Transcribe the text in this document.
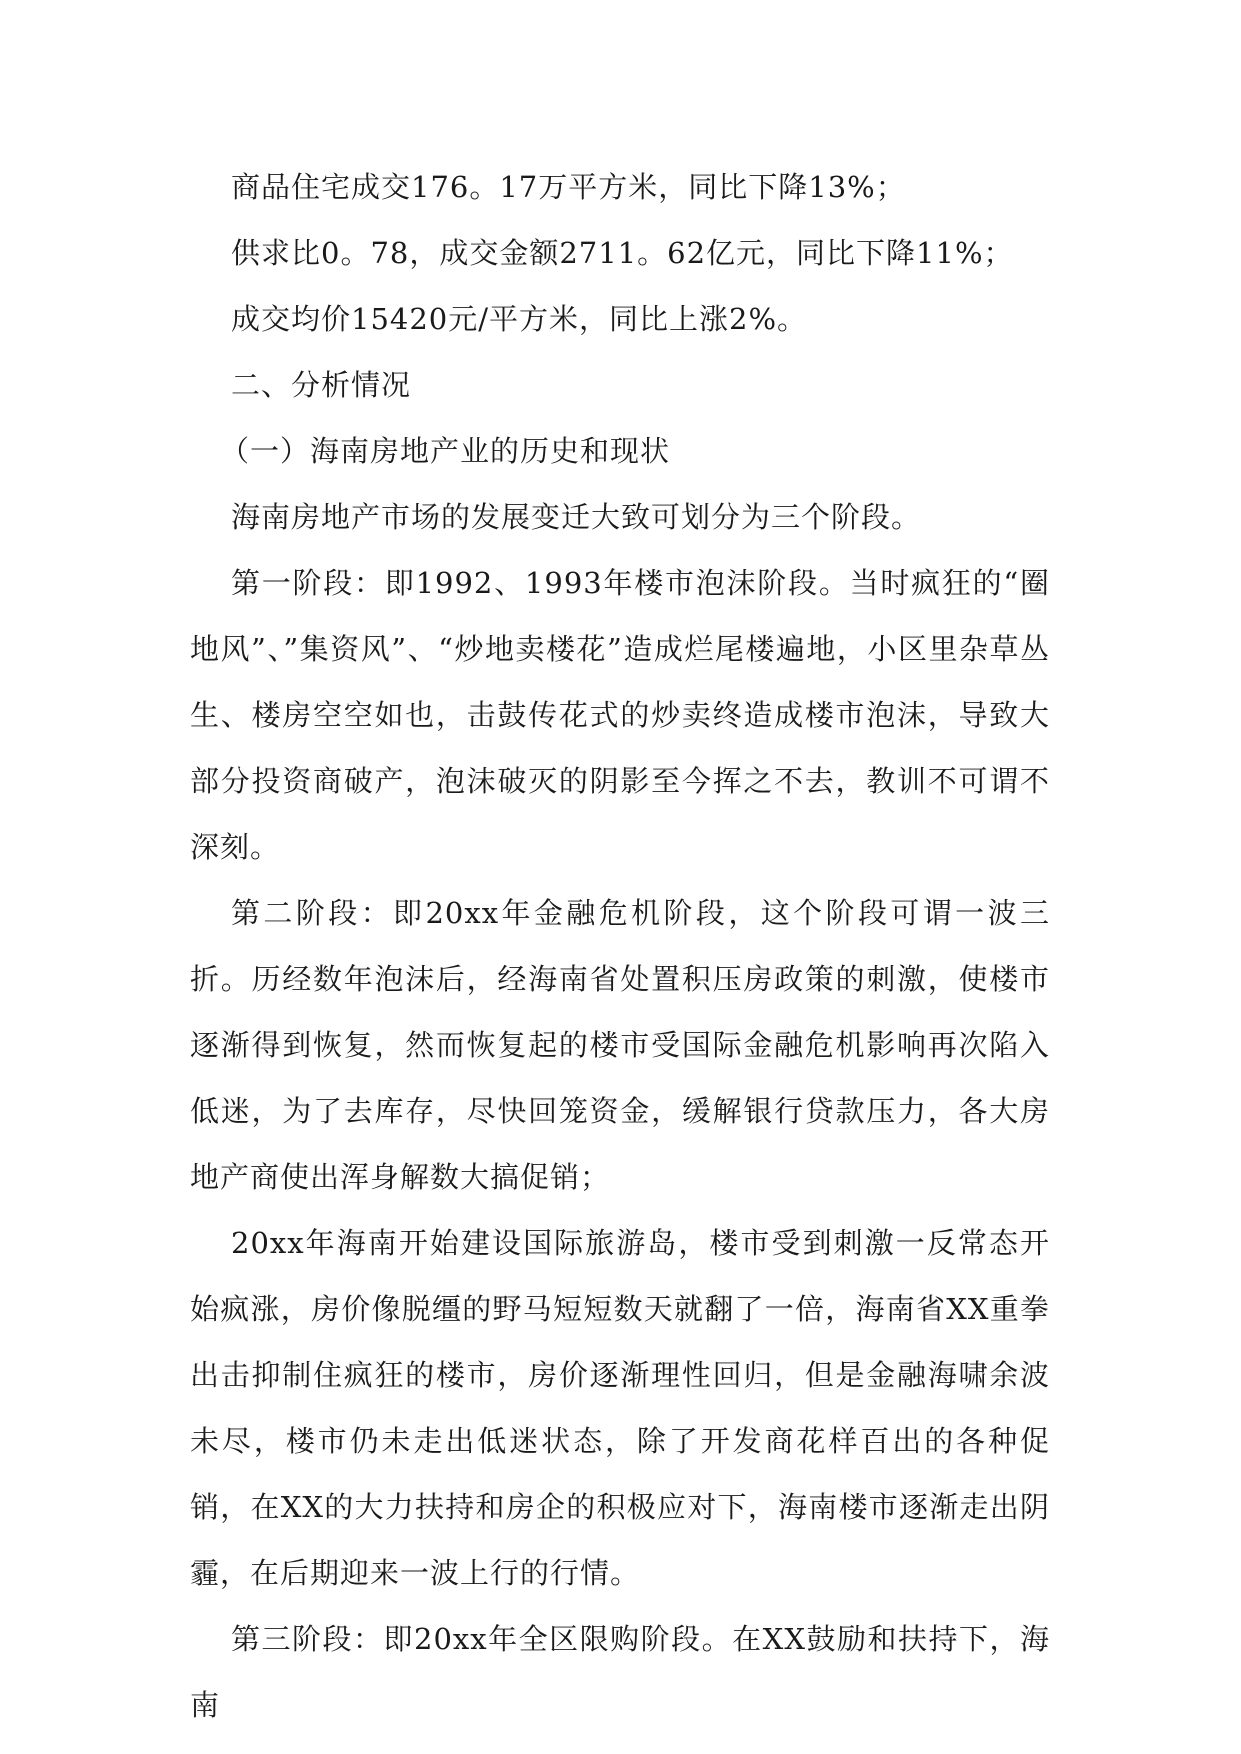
商品住宅成交176。17万平方米，同比下降13%；

供求比0。78，成交金额2711。62亿元，同比下降11%；

成交均价15420元/平方米，同比上涨2%。

二、分析情况

（一）海南房地产业的历史和现状

海南房地产市场的发展变迁大致可划分为三个阶段。

第一阶段：即1992、1993年楼市泡沫阶段。当时疯狂的“圈地风”、”集资风”、“炒地卖楼花”造成烂尾楼遍地，小区里杂草丛生、楼房空空如也，击鼓传花式的炒卖终造成楼市泡沫，导致大部分投资商破产，泡沫破灭的阴影至今挥之不去，教训不可谓不深刻。

第二阶段：即20xx年金融危机阶段，这个阶段可谓一波三折。历经数年泡沫后，经海南省处置积压房政策的刺激，使楼市逐渐得到恢复，然而恢复起的楼市受国际金融危机影响再次陷入低迷，为了去库存，尽快回笼资金，缓解银行贷款压力，各大房地产商使出浑身解数大搞促销；

20xx年海南开始建设国际旅游岛，楼市受到刺激一反常态开始疯涨，房价像脱缰的野马短短数天就翻了一倍，海南省XX重拳出击抑制住疯狂的楼市，房价逐渐理性回归，但是金融海啸余波未尽，楼市仍未走出低迷状态，除了开发商花样百出的各种促销，在XX的大力扶持和房企的积极应对下，海南楼市逐渐走出阴霾，在后期迎来一波上行的行情。

第三阶段：即20xx年全区限购阶段。在XX鼓励和扶持下，海南
